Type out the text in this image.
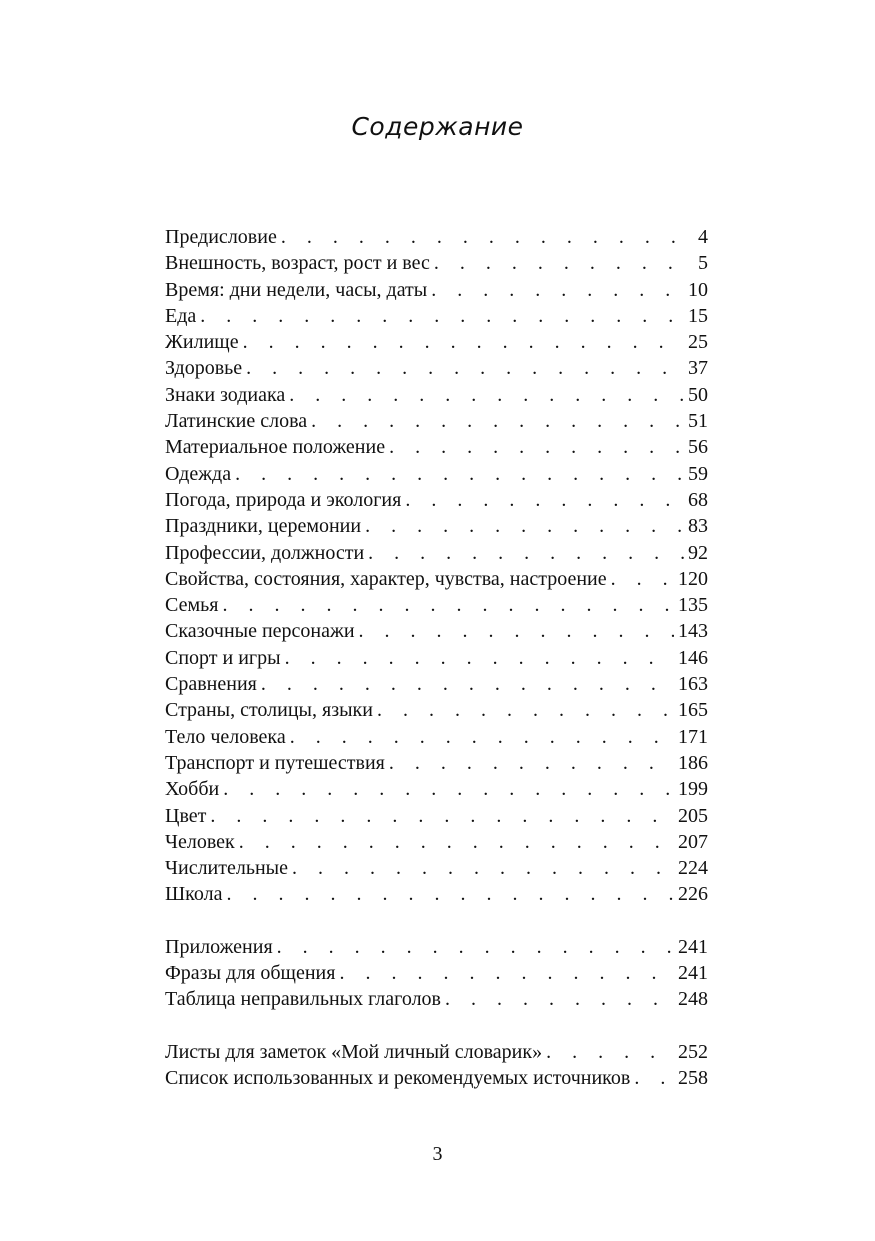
Содержание
Предисловие . . .	4
Внешность, возраст, рост и вес . . .	5
Время: дни недели, часы, даты . . .	10
Еда . . .	15
Жилище . . .	25
Здоровье . . .	37
Знаки зодиака . . .	50
Латинские слова . . .	51
Материальное положение . . .	56
Одежда . . .	59
Погода, природа и экология . . .	68
Праздники, церемонии . . .	83
Профессии, должности . . .	92
Свойства, состояния, характер, чувства, настроение . . .	120
Семья . . .	135
Сказочные персонажи . . .	143
Спорт и игры . . .	146
Сравнения . . .	163
Страны, столицы, языки . . .	165
Тело человека . . .	171
Транспорт и путешествия . . .	186
Хобби . . .	199
Цвет . . .	205
Человек . . .	207
Числительные . . .	224
Школа . . .	226
Приложения . . .	241
Фразы для общения . . .	241
Таблица неправильных глаголов . . .	248
Листы для заметок «Мой личный словарик» . . .	252
Список использованных и рекомендуемых источников . . . 258
3
